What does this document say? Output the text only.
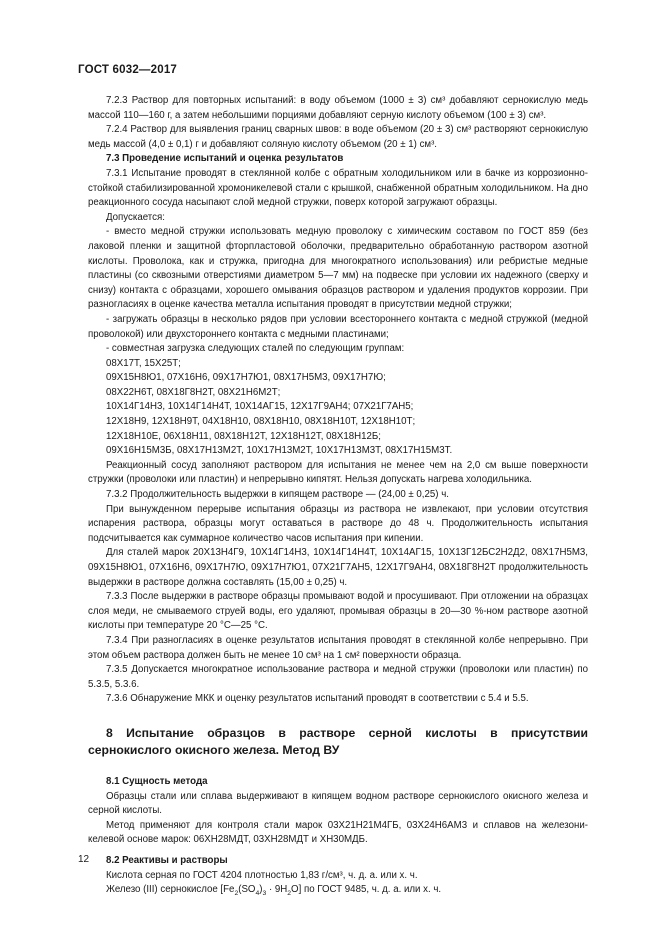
ГОСТ 6032—2017

7.2.3 Раствор для повторных испытаний: в воду объемом (1000 ± 3) см³ добавляют сернокислую медь массой 110—160 г, а затем небольшими порциями добавляют серную кислоту объемом (100 ± 3) см³.

7.2.4 Раствор для выявления границ сварных швов: в воде объемом (20 ± 3) см³ растворяют сернокислую медь массой (4,0 ± 0,1) г и добавляют соляную кислоту объемом (20 ± 1) см³.

7.3 Проведение испытаний и оценка результатов

7.3.1 Испытание проводят в стеклянной колбе с обратным холодильником или в бачке из коррозионно-стойкой стабилизированной хромоникелевой стали с крышкой, снабженной обратным холодильником. На дно реакционного сосуда насыпают слой медной стружки, поверх которой загружают образцы.

Допускается:

- вместо медной стружки использовать медную проволоку с химическим составом по ГОСТ 859 (без лаковой пленки и защитной фторпластовой оболочки, предварительно обработанную раствором азотной кислоты. Проволока, как и стружка, пригодна для многократного использования) или ребристые медные пластины (со сквозными отверстиями диаметром 5—7 мм) на подвеске при условии их надежного (сверху и снизу) контакта с образцами, хорошего омывания образцов раствором и удаления продуктов коррозии. При разногласиях в оценке качества металла испытания проводят в присутствии медной стружки;

- загружать образцы в несколько рядов при условии всестороннего контакта с медной стружкой (медной проволокой) или двухстороннего контакта с медными пластинами;

- совместная загрузка следующих сталей по следующим группам:

08Х17Т, 15Х25Т;

09Х15Н8Ю1, 07Х16Н6, 09Х17Н7Ю1, 08Х17Н5М3, 09Х17Н7Ю;

08Х22Н6Т, 08Х18Г8Н2Т, 08Х21Н6М2Т;

10Х14Г14Н3, 10Х14Г14Н4Т, 10Х14АГ15, 12Х17Г9АН4; 07Х21Г7АН5;

12Х18Н9, 12Х18Н9Т, 04Х18Н10, 08Х18Н10, 08Х18Н10Т, 12Х18Н10Т;

12Х18Н10Е, 06Х18Н11, 08Х18Н12Т, 12Х18Н12Т, 08Х18Н12Б;

09Х16Н15М3Б, 08Х17Н13М2Т, 10Х17Н13М2Т, 10Х17Н13М3Т, 08Х17Н15М3Т.

Реакционный сосуд заполняют раствором для испытания не менее чем на 2,0 см выше поверхности стружки (проволоки или пластин) и непрерывно кипятят. Нельзя допускать нагрева холодильника.

7.3.2 Продолжительность выдержки в кипящем растворе — (24,00 ± 0,25) ч.

При вынужденном перерыве испытания образцы из раствора не извлекают, при условии отсутствия испарения раствора, образцы могут оставаться в растворе до 48 ч. Продолжительность испытания подсчитывается как суммарное количество часов испытания при кипении.

Для сталей марок 20Х13Н4Г9, 10Х14Г14Н3, 10Х14Г14Н4Т, 10Х14АГ15, 10Х13Г12БС2Н2Д2, 08Х17Н5М3, 09Х15Н8Ю1, 07Х16Н6, 09Х17Н7Ю, 09Х17Н7Ю1, 07Х21Г7АН5, 12Х17Г9АН4, 08Х18Г8Н2Т продолжительность выдержки в растворе должна составлять (15,00 ± 0,25) ч.

7.3.3 После выдержки в растворе образцы промывают водой и просушивают. При отложении на образцах слоя меди, не смываемого струей воды, его удаляют, промывая образцы в 20—30 %-ном растворе азотной кислоты при температуре 20 °С—25 °С.

7.3.4 При разногласиях в оценке результатов испытания проводят в стеклянной колбе непрерывно. При этом объем раствора должен быть не менее 10 см³ на 1 см² поверхности образца.

7.3.5 Допускается многократное использование раствора и медной стружки (проволоки или пластин) по 5.3.5, 5.3.6.

7.3.6 Обнаружение МКК и оценку результатов испытаний проводят в соответствии с 5.4 и 5.5.

8 Испытание образцов в растворе серной кислоты в присутствии сернокислого окисного железа. Метод ВУ

8.1 Сущность метода

Образцы стали или сплава выдерживают в кипящем водном растворе сернокислого окисного железа и серной кислоты.

Метод применяют для контроля стали марок 03Х21Н21М4ГБ, 03Х24Н6АМ3 и сплавов на железоникелевой основе марок: 06ХН28МДТ, 03ХН28МДТ и ХН30МДБ.

8.2 Реактивы и растворы

Кислота серная по ГОСТ 4204 плотностью 1,83 г/см³, ч. д. а. или х. ч.

Железо (III) сернокислое $[Fe_2(SO_4)_3 \cdot 9H_2O]$ по ГОСТ 9485, ч. д. а. или х. ч.

12
